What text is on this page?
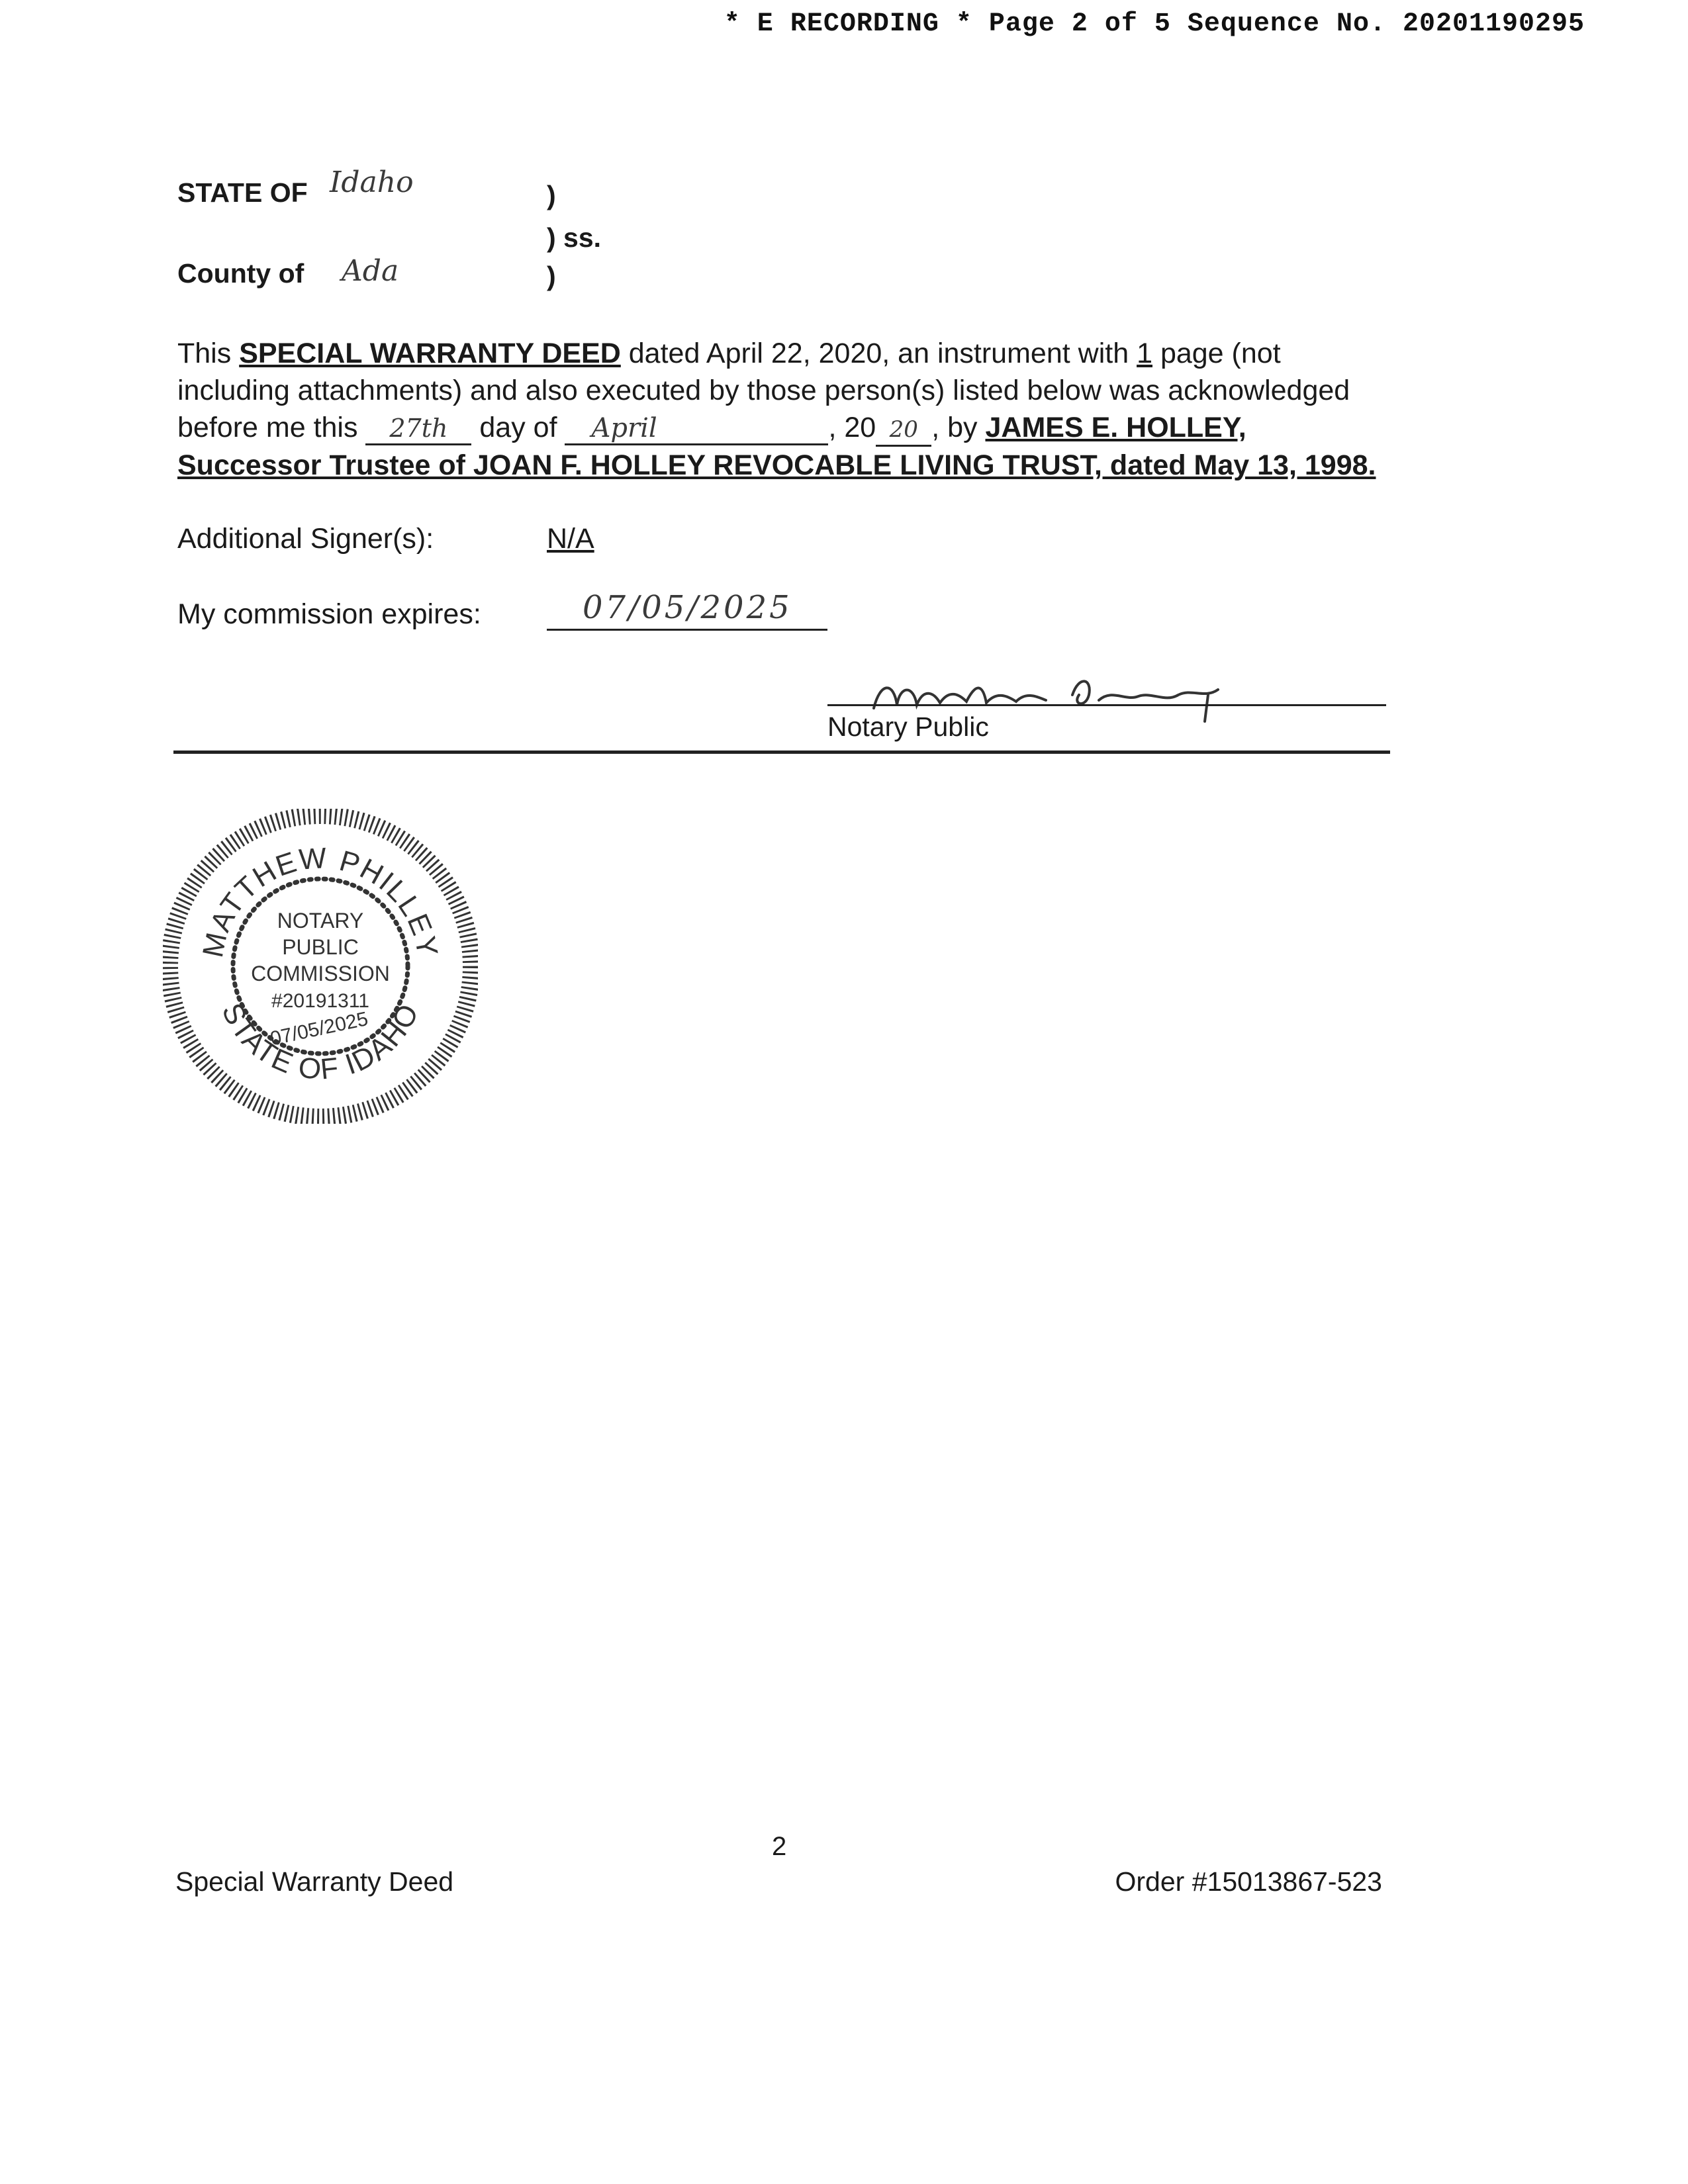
* E RECORDING * Page 2 of 5 Sequence No. 20201190295
STATE OF Idaho	)
) ss.
County of Ada	)
This SPECIAL WARRANTY DEED dated April 22, 2020, an instrument with 1 page (not including attachments) and also executed by those person(s) listed below was acknowledged before me this 27th day of April	, 20 20 , by JAMES E. HOLLEY, Successor Trustee of JOAN F. HOLLEY REVOCABLE LIVING TRUST, dated May 13, 1998.
Additional Signer(s):	N/A
My commission expires:	07/05/2025
Notary Public
MATTHEW PHILLEY
STATE OF IDAHO
NOTARY
PUBLIC
COMMISSION
#20191311
07/05/2025
2
Special Warranty Deed	Order #15013867-523
